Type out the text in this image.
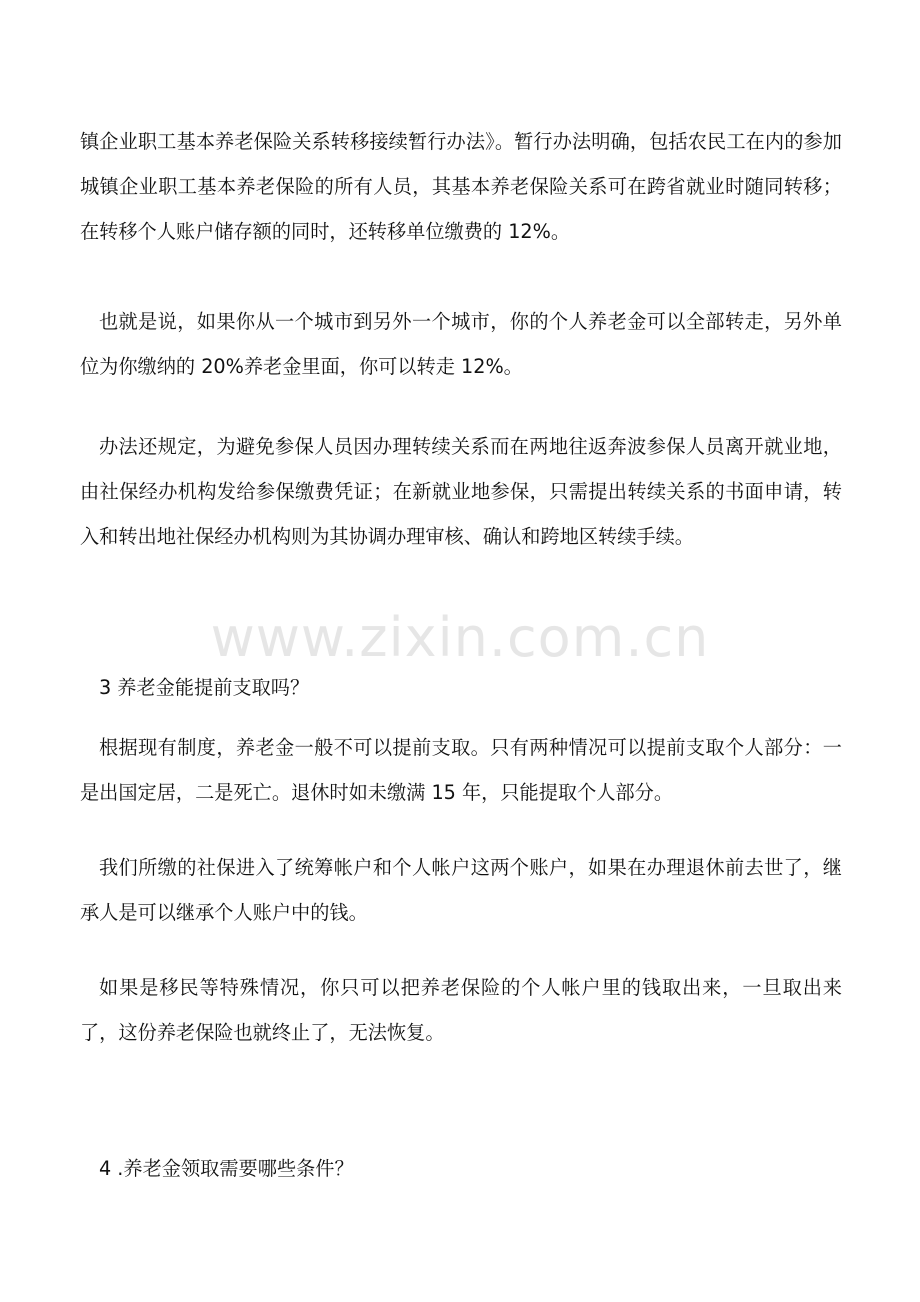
镇企业职工基本养老保险关系转移接续暂行办法》。暂行办法明确，包括农民工在内的参加城镇企业职工基本养老保险的所有人员，其基本养老保险关系可在跨省就业时随同转移；在转移个人账户储存额的同时，还转移单位缴费的 12%。

也就是说，如果你从一个城市到另外一个城市，你的个人养老金可以全部转走，另外单位为你缴纳的 20%养老金里面，你可以转走 12%。

办法还规定，为避免参保人员因办理转续关系而在两地往返奔波参保人员离开就业地，由社保经办机构发给参保缴费凭证；在新就业地参保，只需提出转续关系的书面申请，转入和转出地社保经办机构则为其协调办理审核、确认和跨地区转续手续。

3 养老金能提前支取吗？

根据现有制度，养老金一般不可以提前支取。只有两种情况可以提前支取个人部分：一是出国定居，二是死亡。退休时如未缴满 15 年，只能提取个人部分。

我们所缴的社保进入了统筹帐户和个人帐户这两个账户，如果在办理退休前去世了，继承人是可以继承个人账户中的钱。

如果是移民等特殊情况，你只可以把养老保险的个人帐户里的钱取出来，一旦取出来了，这份养老保险也就终止了，无法恢复。

4 .养老金领取需要哪些条件？

www.zixin.com.cn
